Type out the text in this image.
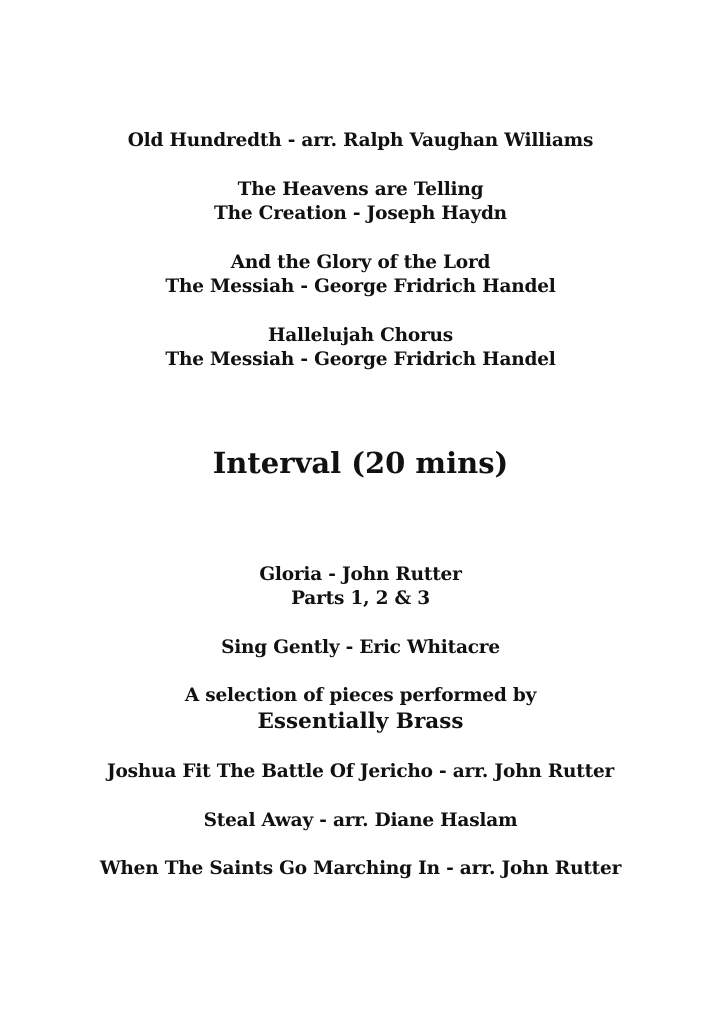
Old Hundredth - arr. Ralph Vaughan Williams
The Heavens are Telling
The Creation - Joseph Haydn
And the Glory of the Lord
The Messiah - George Fridrich Handel
Hallelujah Chorus
The Messiah - George Fridrich Handel
Interval (20 mins)
Gloria - John Rutter
Parts 1, 2 & 3
Sing Gently - Eric Whitacre
A selection of pieces performed by
Essentially Brass
Joshua Fit The Battle Of Jericho - arr. John Rutter
Steal Away - arr. Diane Haslam
When The Saints Go Marching In - arr. John Rutter
